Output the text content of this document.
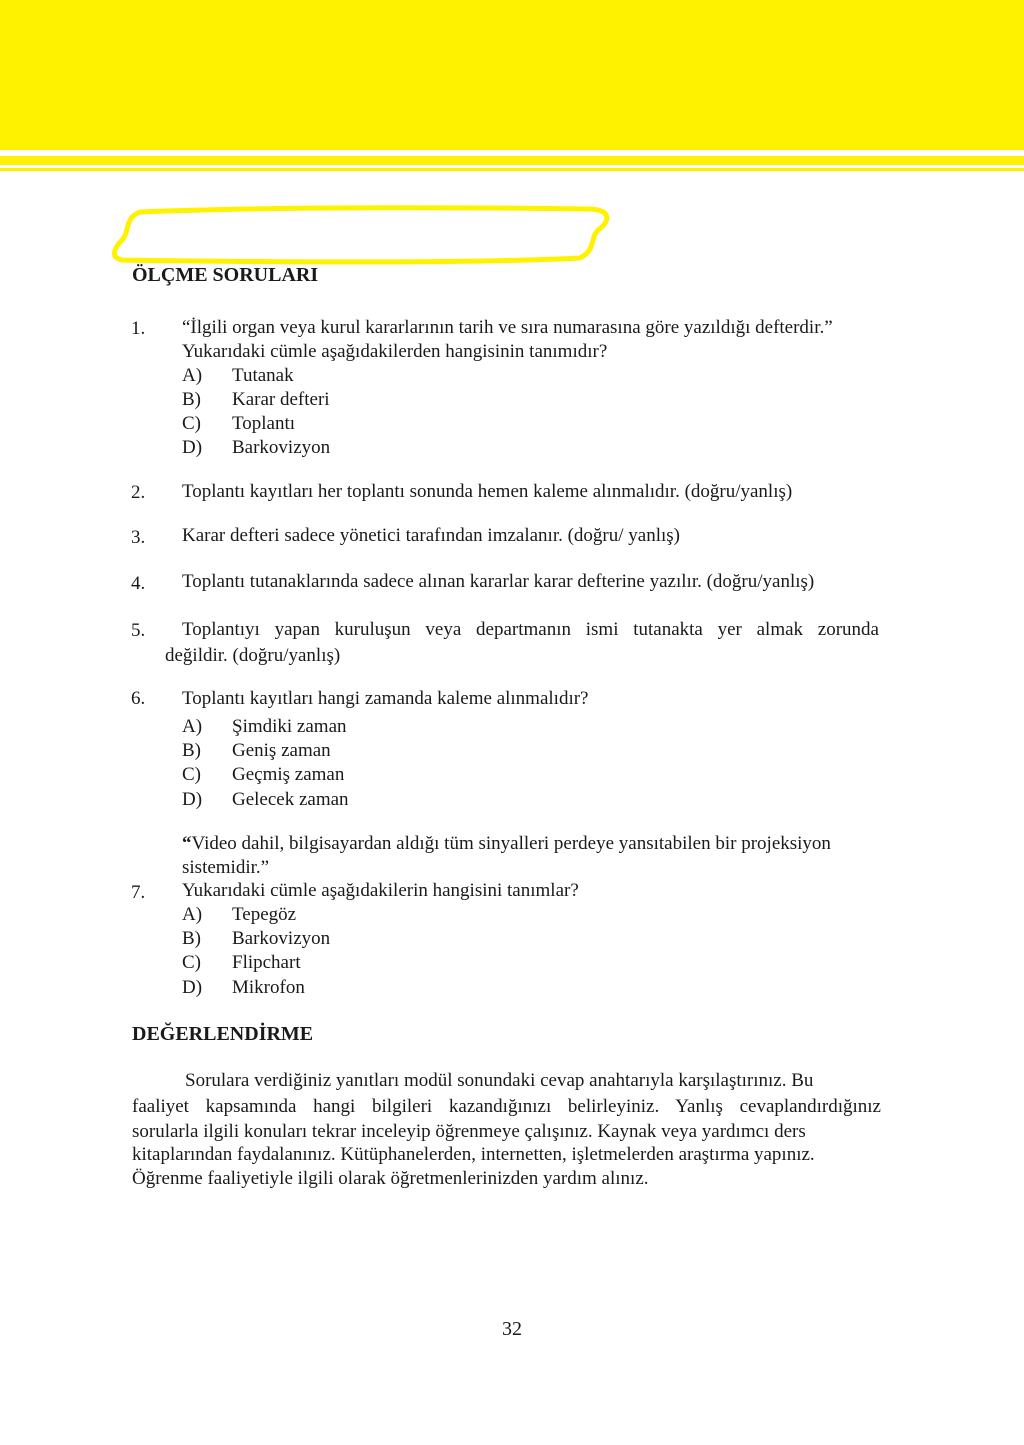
ÖLÇME SORULARI
1. “İlgili organ veya kurul kararlarının tarih ve sıra numarasına göre yazıldığı defterdir.”
Yukarıdaki cümle aşağıdakilerden hangisinin tanımıdır?
A) Tutanak
B) Karar defteri
C) Toplantı
D) Barkovizyon
2. Toplantı kayıtları her toplantı sonunda hemen kaleme alınmalıdır. (doğru/yanlış)
3. Karar defteri sadece yönetici tarafından imzalanır. (doğru/ yanlış)
4. Toplantı tutanaklarında sadece alınan kararlar karar defterine yazılır. (doğru/yanlış)
5. Toplantıyı yapan kuruluşun veya departmanın ismi tutanakta yer almak zorunda
değildir. (doğru/yanlış)
6. Toplantı kayıtları hangi zamanda kaleme alınmalıdır?
A) Şimdiki zaman
B) Geniş zaman
C) Geçmiş zaman
D) Gelecek zaman
“Video dahil, bilgisayardan aldığı tüm sinyalleri perdeye yansıtabilen bir projeksiyon
sistemidir.”
7. Yukarıdaki cümle aşağıdakilerin hangisini tanımlar?
A) Tepegöz
B) Barkovizyon
C) Flipchart
D) Mikrofon
DEĞERLENDİRME
Sorulara verdiğiniz yanıtları modül sonundaki cevap anahtarıyla karşılaştırınız. Bu
faaliyet kapsamında hangi bilgileri kazandığınızı belirleyiniz. Yanlış cevaplandırdığınız
sorularla ilgili konuları tekrar inceleyip öğrenmeye çalışınız. Kaynak veya yardımcı ders
kitaplarından faydalanınız. Kütüphanelerden, internetten, işletmelerden araştırma yapınız.
Öğrenme faaliyetiyle ilgili olarak öğretmenlerinizden yardım alınız.
32
